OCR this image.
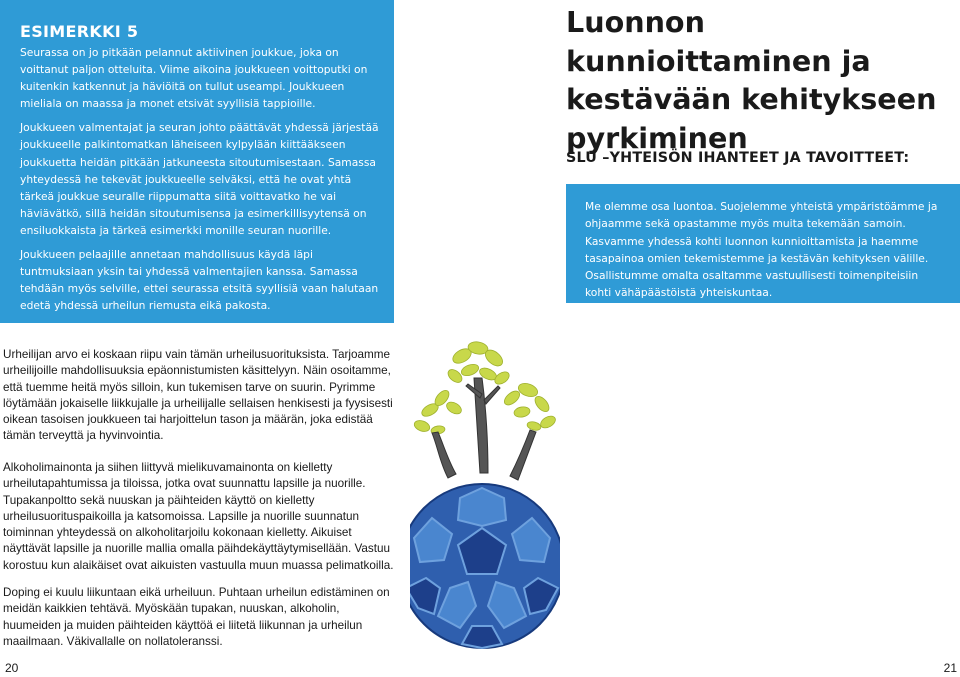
ESIMERKKI 5

Seurassa on jo pitkään pelannut aktiivinen joukkue, joka on voittanut paljon otteluita. Viime aikoina joukkueen voittoputki on kuitenkin katkennut ja häviöitä on tullut useampi. Joukkueen mieliala on maassa ja monet etsivät syyllisiä tappioille.

Joukkueen valmentajat ja seuran johto päättävät yhdessä järjestää joukkueelle palkintomatkan läheiseen kylpylään kiittääkseen joukkuetta heidän pitkään jatkuneesta sitoutumisestaan. Samassa yhteydessä he tekevät joukkueelle selväksi, että he ovat yhtä tärkeä joukkue seuralle riippumatta siitä voittavatko he vai häviävätkö, sillä heidän sitoutumisensa ja esimerkillisyytensä on ensiluokkaista ja tärkeä esimerkki monille seuran nuorille.

Joukkueen pelaajille annetaan mahdollisuus käydä läpi tuntmuksiaan yksin tai yhdessä valmentajien kanssa. Samassa tehdään myös selville, ettei seurassa etsitä syyllisiä vaan halutaan edetä yhdessä urheilun riemusta eikä pakosta.

Luonnon kunnioittaminen ja kestävään kehitykseen pyrkiminen
SLU –YHTEISÖN IHANTEET JA TAVOITTEET:

Me olemme osa luontoa. Suojelemme yhteistä ympäristöämme ja ohjaamme sekä opastamme myös muita tekemään samoin. Kasvamme yhdessä kohti luonnon kunnioittamista ja haemme tasapainoa omien tekemistemme ja kestävän kehityksen välille. Osallistumme omalta osaltamme vastuullisesti toimenpiteisiin kohti vähäpäästöistä yhteiskuntaa.

Urheilijan arvo ei koskaan riipu vain tämän urheilusuorituksista. Tarjoamme urheilijoille mahdollisuuksia epäonnistumisten käsittelyyn. Näin osoitamme, että tuemme heitä myös silloin, kun tukemisen tarve on suurin. Pyrimme löytämään jokaiselle liikkujalle ja urheilijalle sellaisen henkisesti ja fyysisesti oikean tasoisen joukkueen tai harjoittelun tason ja määrän, joka edistää tämän terveyttä ja hyvinvointia.

Alkoholimainonta ja siihen liittyvä mielikuvamainonta on kielletty urheilutapahtumissa ja tiloissa, jotka ovat suunnattu lapsille ja nuorille. Tupakanpoltto sekä nuuskan ja päihteiden käyttö on kielletty urheilusuorituspaikoilla ja katsomoissa. Lapsille ja nuorille suunnatun toiminnan yhteydessä on alkoholitarjoilu kokonaan kielletty. Aikuiset näyttävät lapsille ja nuorille mallia omalla päihdekäyttäytymisellään. Vastuu korostuu kun alaikäiset ovat aikuisten vastuulla muun muassa pelimatkoilla.

Doping ei kuulu liikuntaan eikä urheiluun. Puhtaan urheilun edistäminen on meidän kaikkien tehtävä. Myöskään tupakan, nuuskan, alkoholin, huumeiden ja muiden päihteiden käyttöä ei liitetä liikunnan ja urheilun maailmaan. Väkivallalle on nollatoleranssi.

20	21
